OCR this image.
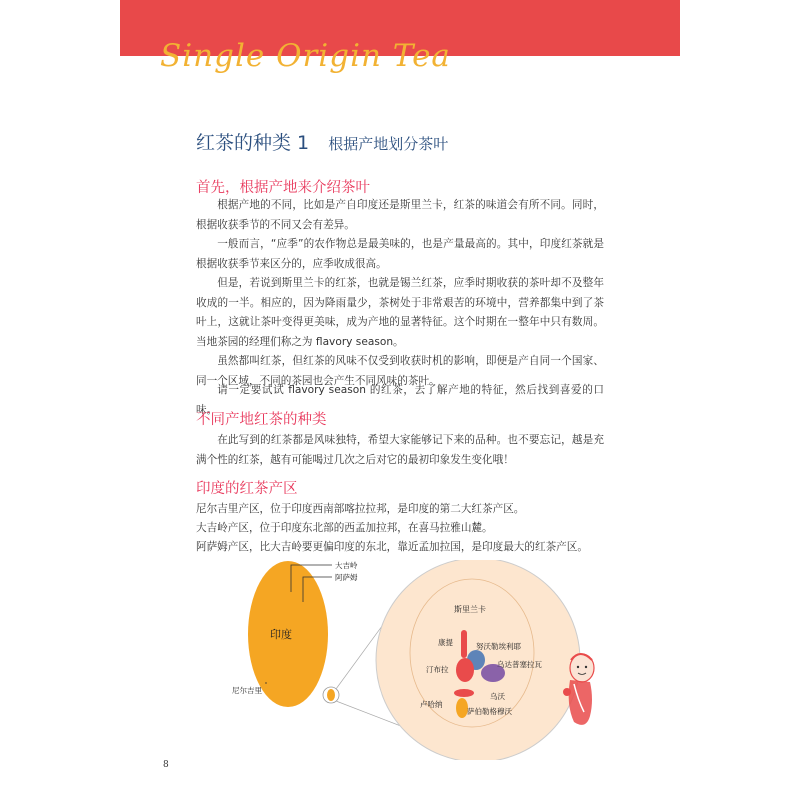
Single Origin Tea
红茶的种类 1 根据产地划分茶叶
首先，根据产地来介绍茶叶

根据产地的不同，比如是产自印度还是斯里兰卡，红茶的味道会有所不同。同时，根据收获季节的不同又会有差异。

一般而言，“应季”的农作物总是最美味的，也是产量最高的。其中，印度红茶就是根据收获季节来区分的，应季收成很高。

但是，若说到斯里兰卡的红茶，也就是锡兰红茶，应季时期收获的茶叶却不及整年收成的一半。相应的，因为降雨量少，茶树处于非常艰苦的环境中，营养都集中到了茶叶上，这就让茶叶变得更美味，成为产地的显著特征。这个时期在一整年中只有数周。当地茶园的经理们称之为 flavory season。

虽然都叫红茶，但红茶的风味不仅受到收获时机的影响，即便是产自同一个国家、同一个区域，不同的茶园也会产生不同风味的茶叶。

请一定要试试 flavory season 的红茶，去了解产地的特征，然后找到喜爱的口味。

不同产地红茶的种类

在此写到的红茶都是风味独特，希望大家能够记下来的品种。也不要忘记，越是充满个性的红茶，越有可能喝过几次之后对它的最初印象发生变化哦！

印度的红茶产区
尼尔吉里产区，位于印度西南部喀拉拉邦，是印度的第二大红茶产区。
大吉岭产区，位于印度东北部的西孟加拉邦，在喜马拉雅山麓。
阿萨姆产区，比大吉岭要更偏印度的东北，靠近孟加拉国，是印度最大的红茶产区。
印度
大吉岭
阿萨姆
尼尔吉里
斯里兰卡
康提	努沃勒埃利耶
汀布拉
乌达普塞拉瓦
乌沃
卢哈纳
萨伯勒格穆沃
8
